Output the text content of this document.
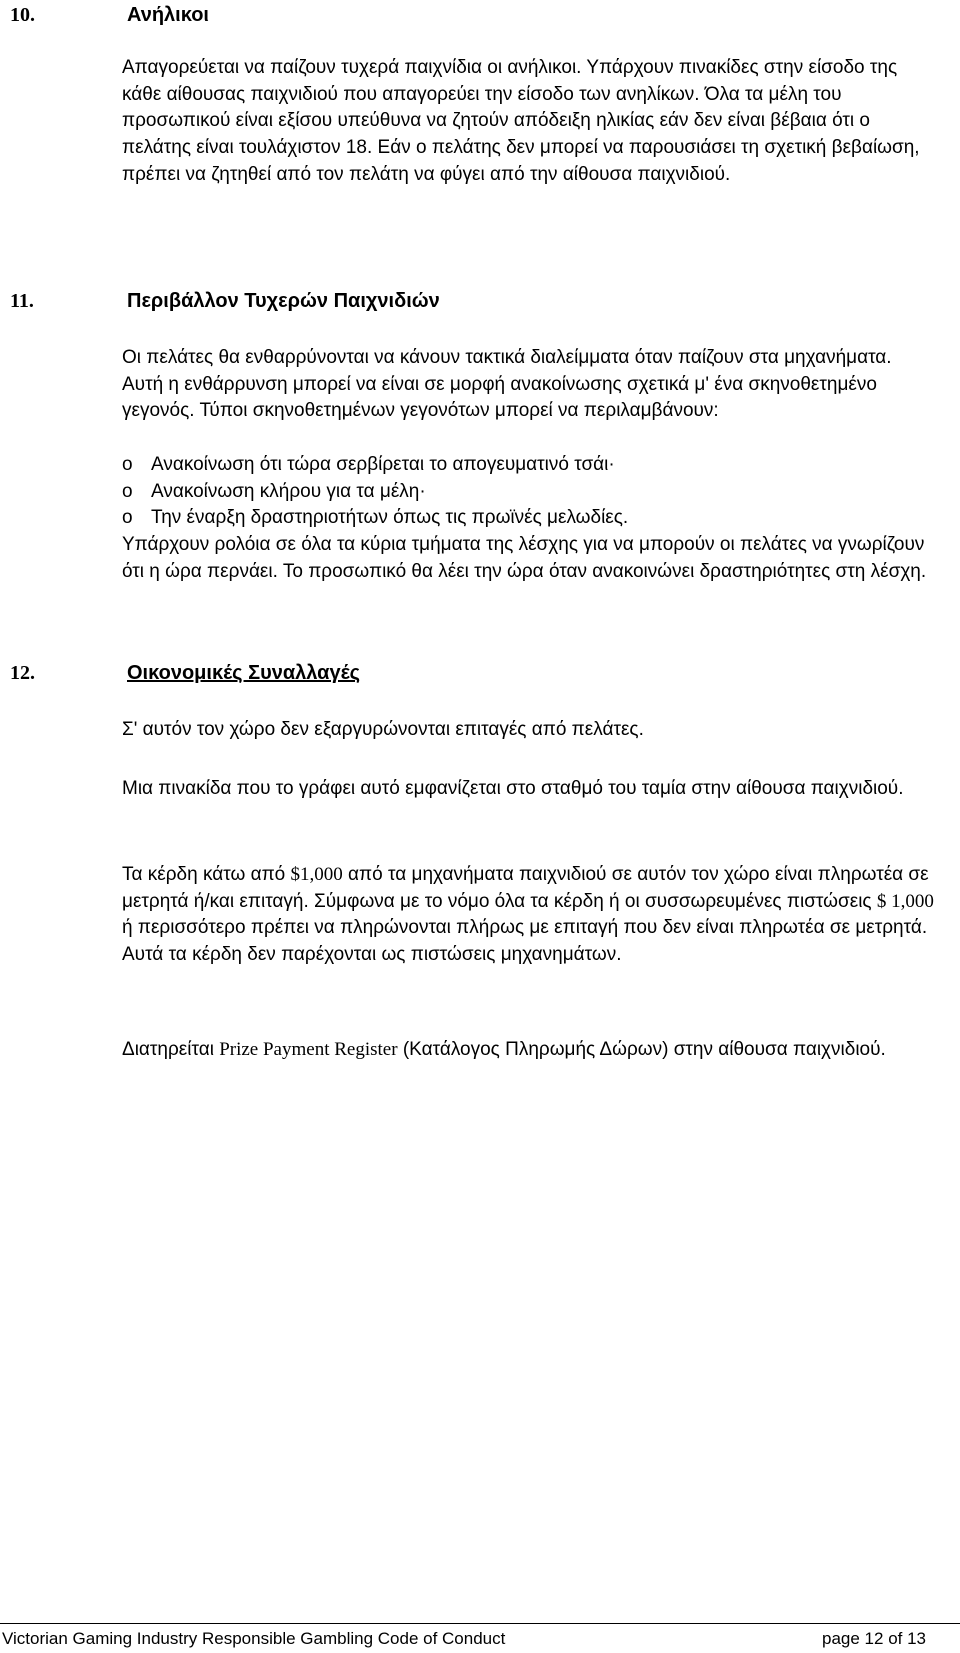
10.	Ανήλικοι

Απαγορεύεται να παίζουν τυχερά παιχνίδια οι ανήλικοι. Υπάρχουν πινακίδες στην είσοδο της κάθε αίθουσας παιχνιδιού που απαγορεύει την είσοδο των ανηλίκων. Όλα τα μέλη του προσωπικού είναι εξίσου υπεύθυνα να ζητούν απόδειξη ηλικίας εάν δεν είναι βέβαια ότι ο πελάτης είναι τουλάχιστον 18. Εάν ο πελάτης δεν μπορεί να παρουσιάσει τη σχετική βεβαίωση, πρέπει να ζητηθεί από τον πελάτη να φύγει από την αίθουσα παιχνιδιού.

11.	Περιβάλλον Τυχερών Παιχνιδιών

Οι πελάτες θα ενθαρρύνονται να κάνουν τακτικά διαλείμματα όταν παίζουν στα μηχανήματα. Αυτή η ενθάρρυνση μπορεί να είναι σε μορφή ανακοίνωσης σχετικά μ' ένα σκηνοθετημένο γεγονός. Τύποι σκηνοθετημένων γεγονότων μπορεί να περιλαμβάνουν:

o Ανακοίνωση ότι τώρα σερβίρεται το απογευματινό τσάι·
o Ανακοίνωση κλήρου για τα μέλη·
o Την έναρξη δραστηριοτήτων όπως τις πρωϊνές μελωδίες.

Υπάρχουν ρολόια σε όλα τα κύρια τμήματα της λέσχης για να μπορούν οι πελάτες να γνωρίζουν ότι η ώρα περνάει. Το προσωπικό θα λέει την ώρα όταν ανακοινώνει δραστηριότητες στη λέσχη.

12.	Οικονομικές Συναλλαγές

Σ' αυτόν τον χώρο δεν εξαργυρώνονται επιταγές από πελάτες.

Μια πινακίδα που το γράφει αυτό εμφανίζεται στο σταθμό του ταμία στην αίθουσα παιχνιδιού.

Τα κέρδη κάτω από $1,000 από τα μηχανήματα παιχνιδιού σε αυτόν τον χώρο είναι πληρωτέα σε μετρητά ή/και επιταγή. Σύμφωνα με το νόμο όλα τα κέρδη ή οι συσσωρευμένες πιστώσεις $ 1,000 ή περισσότερο πρέπει να πληρώνονται πλήρως με επιταγή που δεν είναι πληρωτέα σε μετρητά. Αυτά τα κέρδη δεν παρέχονται ως πιστώσεις μηχανημάτων.

Διατηρείται Prize Payment Register (Κατάλογος Πληρωμής Δώρων) στην αίθουσα παιχνιδιού.

Victorian Gaming Industry Responsible Gambling Code of Conduct	page 12 of 13
